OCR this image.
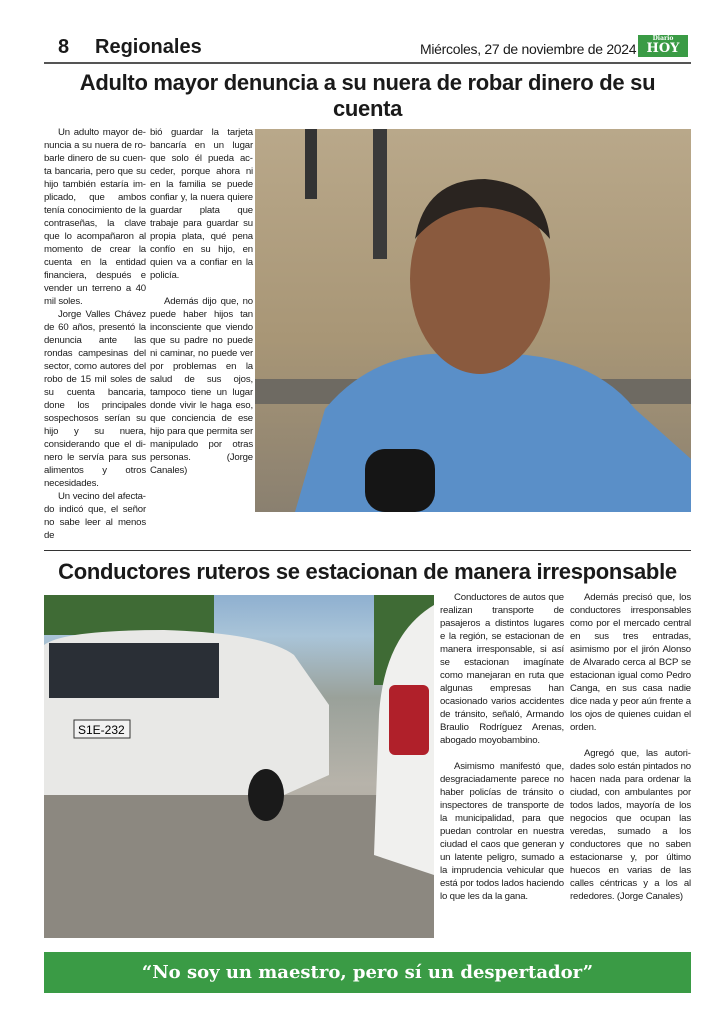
8 Regionales	Miércoles, 27 de noviembre de 2024
Diario
HOY
Adulto mayor denuncia a su nuera de robar dinero de su cuenta

Un adulto mayor denuncia a su nuera de robarle dinero de su cuenta bancaria, pero que su hijo también estaría implicado, que ambos tenía conocimiento de la contraseñas, la clave que lo acompañaron al momento de crear la cuenta en la entidad financiera, después e vender un terreno a 40 mil soles.

Jorge Valles Chávez de 60 años, presentó la denuncia ante las rondas campesinas del sector, como autores del robo de 15 mil soles de su cuenta bancaria, done los principales sospechosos serían su hijo y su nuera, considerando que el dinero le servía para sus alimentos y otros necesidades.

Un vecino del afectado indicó que, el señor no sabe leer al menos de

bió guardar la tarjeta bancaría en un lugar que solo él pueda acceder, porque ahora ni en la familia se puede confiar y, la nuera quiere guardar plata que trabaje para guardar su propia plata, qué pena confío en su hijo, en quien va a confiar en la policía.

Además dijo que, no puede haber hijos tan inconsciente que viendo que su padre no puede ni caminar, no puede ver por problemas en la salud de sus ojos, tampoco tiene un lugar donde vivir le haga eso, que conciencia de ese hijo para que permita ser manipulado por otras personas. (Jorge Canales)

Conductores ruteros se estacionan de manera irresponsable
S1E-232

Conductores de autos que realizan transporte de pasajeros a distintos lugares e la región, se estacionan de manera irresponsable, si así se estacionan imagínate como manejaran en ruta que algunas empresas han ocasionado varios accidentes de tránsito, señaló, Armando Braulio Rodríguez Arenas, abogado moyobambino.

Asimismo manifestó que, desgraciadamente parece no haber policías de tránsito o inspectores de transporte de la municipalidad, para que puedan controlar en nuestra ciudad el caos que generan y un latente peligro, sumado a la imprudencia vehicular que está por todos lados haciendo lo que les da la gana.

Además precisó que, los conductores irresponsables como por el mercado central en sus tres entradas, asimismo por el jirón Alonso de Alvarado cerca al BCP se estacionan igual como Pedro Canga, en sus casa nadie dice nada y peor aún frente a los ojos de quienes cuidan el orden.

Agregó que, las autoridades solo están pintados no hacen nada para ordenar la ciudad, con ambulantes por todos lados, mayoría de los negocios que ocupan las veredas, sumado a los conductores que no saben estacionarse y, por último huecos en varias de las calles céntricas y a los al rededores. (Jorge Canales)

“No soy un maestro, pero sí un despertador”
